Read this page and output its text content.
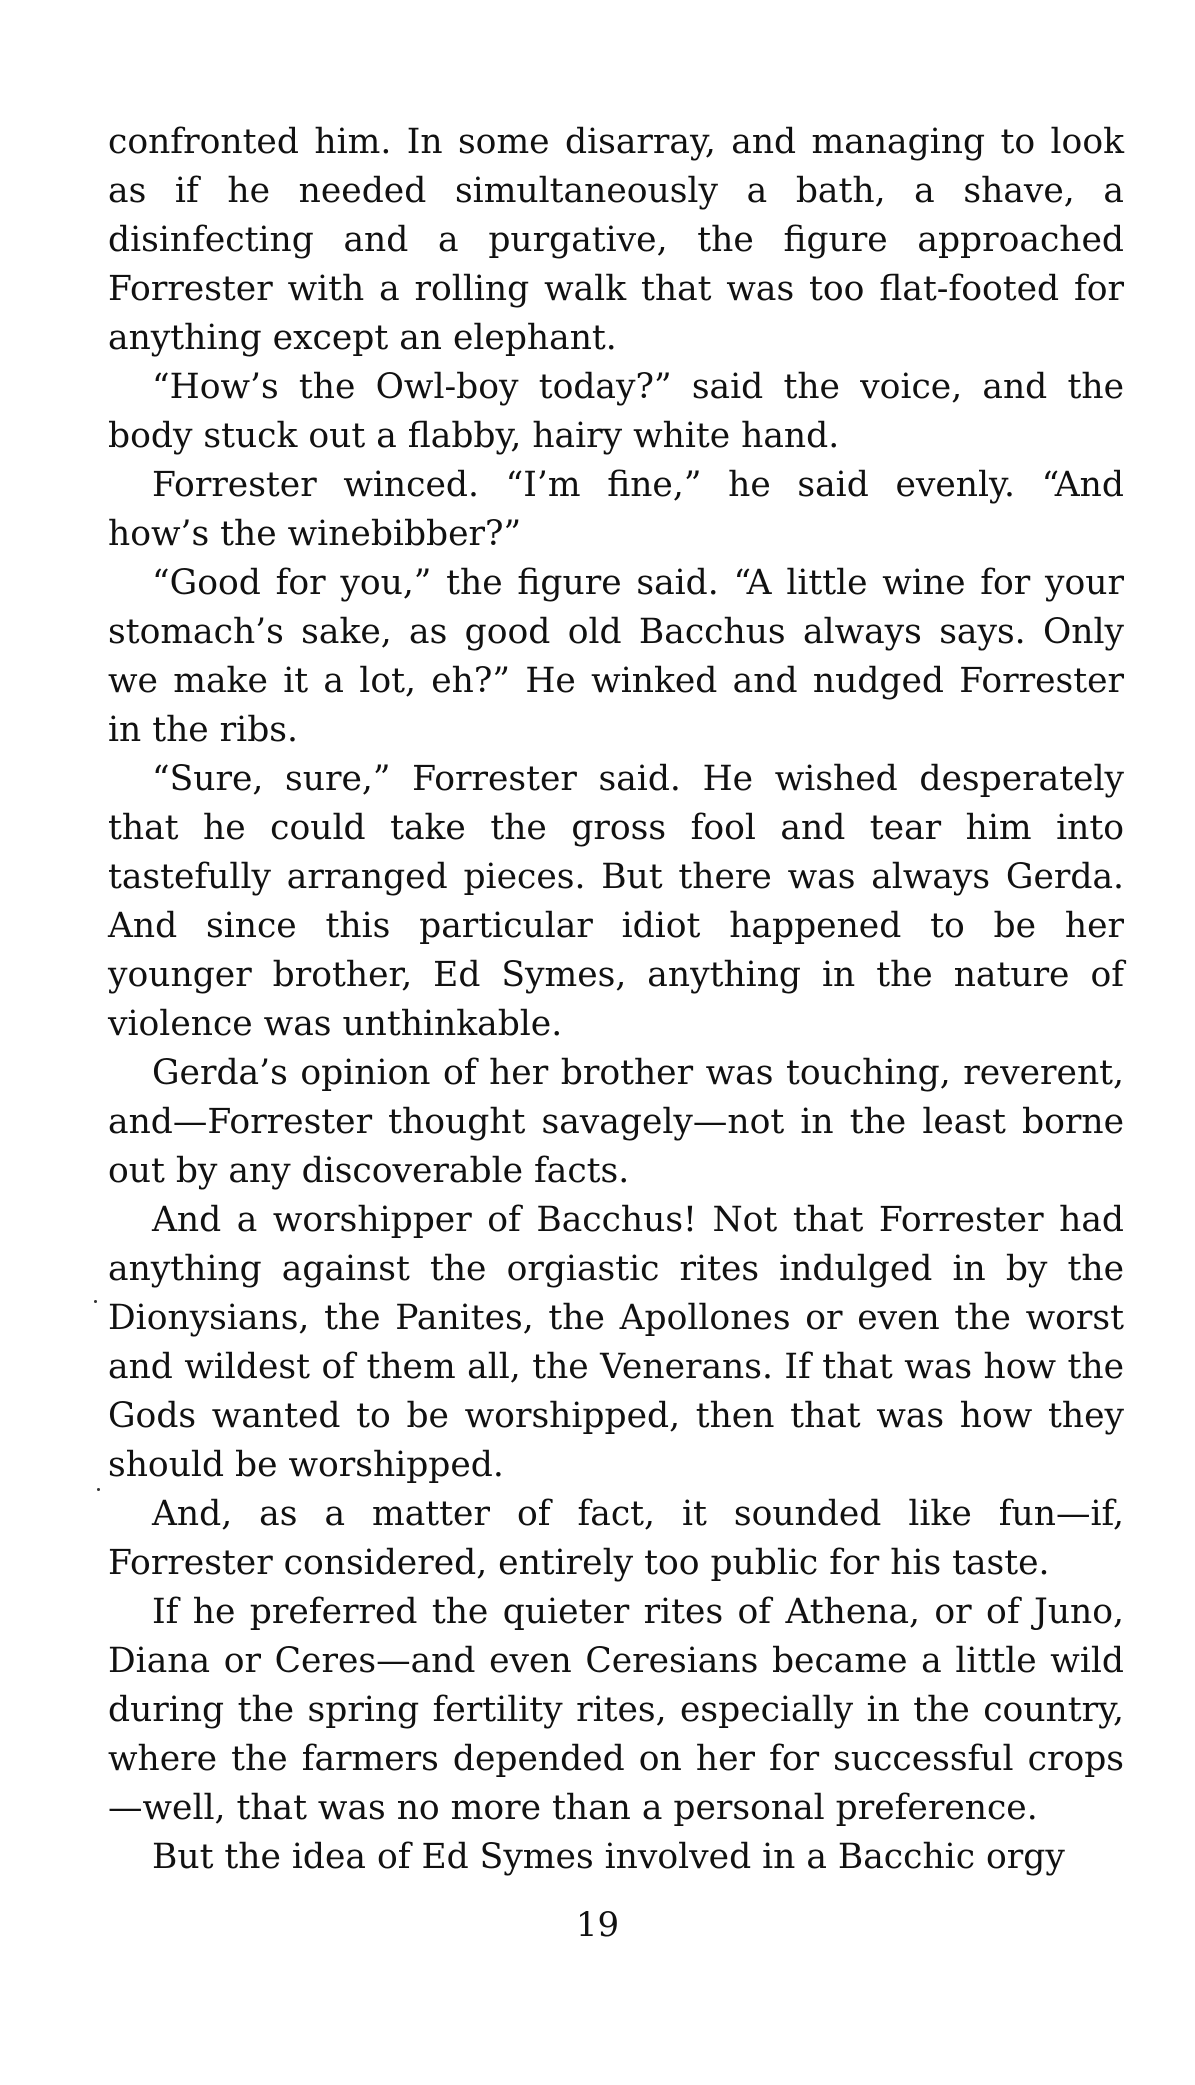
confronted him. In some disarray, and managing to look as if he needed simultaneously a bath, a shave, a disinfecting and a purgative, the figure approached Forrester with a rolling walk that was too flat-footed for anything except an elephant.

“How’s the Owl-boy today?” said the voice, and the body stuck out a flabby, hairy white hand.

Forrester winced. “I’m fine,” he said evenly. “And how’s the winebibber?”

“Good for you,” the figure said. “A little wine for your stomach’s sake, as good old Bacchus always says. Only we make it a lot, eh?” He winked and nudged Forrester in the ribs.

“Sure, sure,” Forrester said. He wished desperately that he could take the gross fool and tear him into tastefully arranged pieces. But there was always Gerda. And since this particular idiot happened to be her younger brother, Ed Symes, anything in the nature of violence was unthinkable.

Gerda’s opinion of her brother was touching, reverent, and—Forrester thought savagely—not in the least borne out by any discoverable facts.

And a worshipper of Bacchus! Not that Forrester had anything against the orgiastic rites indulged in by the Dionysians, the Panites, the Apollones or even the worst and wildest of them all, the Venerans. If that was how the Gods wanted to be worshipped, then that was how they should be worshipped.

And, as a matter of fact, it sounded like fun—if, Forrester considered, entirely too public for his taste.

If he preferred the quieter rites of Athena, or of Juno, Diana or Ceres—and even Ceresians became a little wild during the spring fertility rites, especially in the country, where the farmers depended on her for successful crops —well, that was no more than a personal preference.

But the idea of Ed Symes involved in a Bacchic orgy

19
